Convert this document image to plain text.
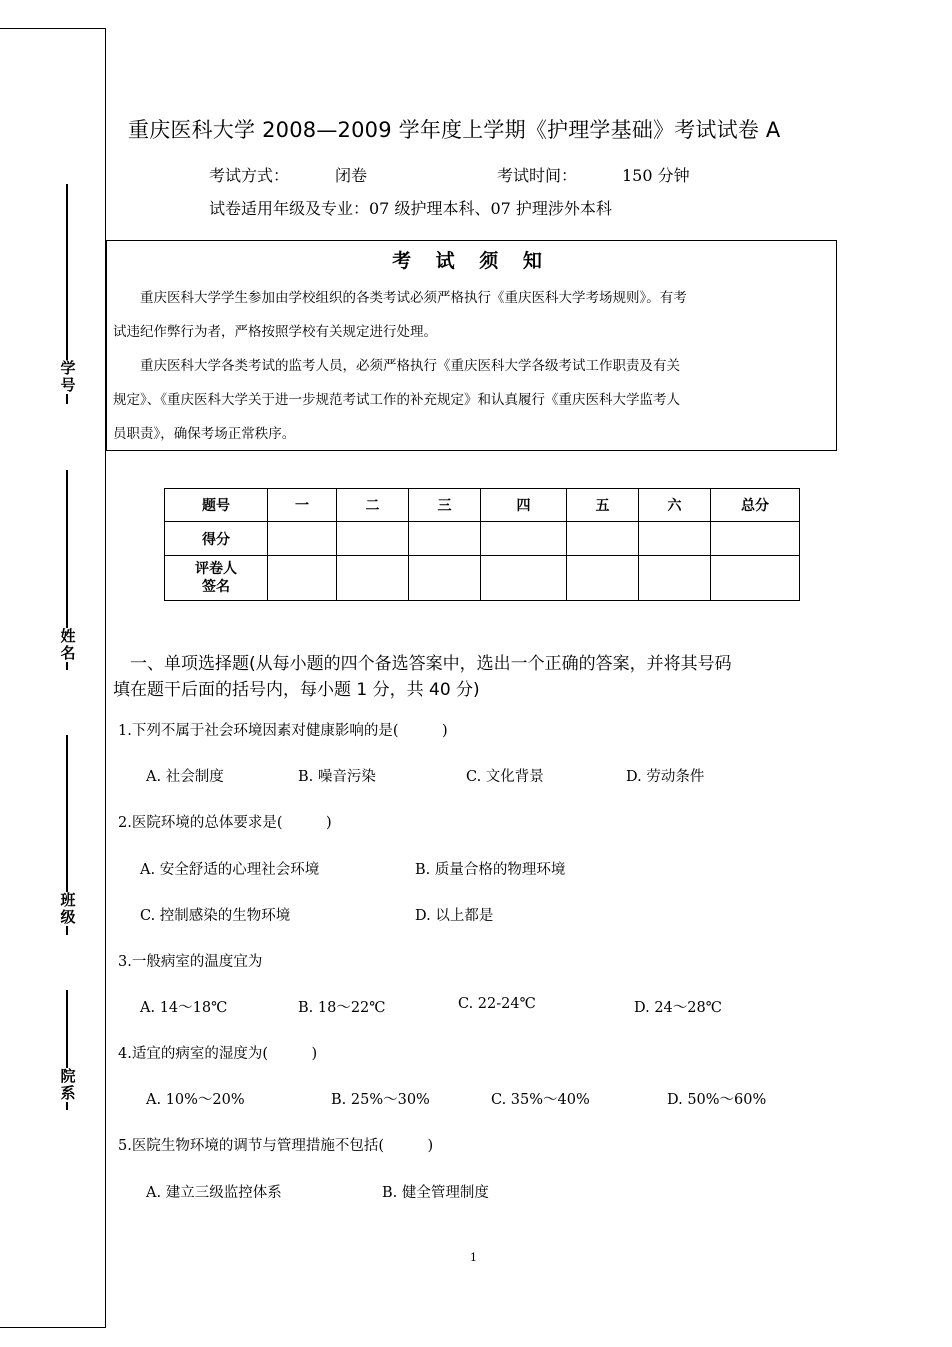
学号
姓名
班级
院系
重庆医科大学 2008—2009 学年度上学期《护理学基础》考试试卷 A
考试方式：	闭卷	考试时间：	150 分钟
试卷适用年级及专业：07 级护理本科、07 护理涉外本科
考 试 须 知
　　重庆医科大学学生参加由学校组织的各类考试必须严格执行《重庆医科大学考场规则》。有考
试违纪作弊行为者，严格按照学校有关规定进行处理。
　　重庆医科大学各类考试的监考人员，必须严格执行《重庆医科大学各级考试工作职责及有关
规定》、《重庆医科大学关于进一步规范考试工作的补充规定》和认真履行《重庆医科大学监考人
员职责》，确保考场正常秩序。
题号	一	二	三	四	五	六	总分
得分							

评卷人
签名							

　一、单项选择题(从每小题的四个备选答案中，选出一个正确的答案，并将其号码
填在题干后面的括号内，每小题 1 分，共 40 分)
1.下列不属于社会环境因素对健康影响的是(　　　)
A. 社会制度	B. 噪音污染	C. 文化背景	D. 劳动条件
2.医院环境的总体要求是(　　　)
A. 安全舒适的心理社会环境	B. 质量合格的物理环境
C. 控制感染的生物环境	D. 以上都是
3.一般病室的温度宜为
A. 14～18℃	B. 18～22℃	C. 22-24℃	D. 24～28℃
4.适宜的病室的湿度为(　　　)
A. 10%～20%	B. 25%～30%	C. 35%～40%	D. 50%～60%
5.医院生物环境的调节与管理措施不包括(　　　)
A. 建立三级监控体系	B. 健全管理制度
1
